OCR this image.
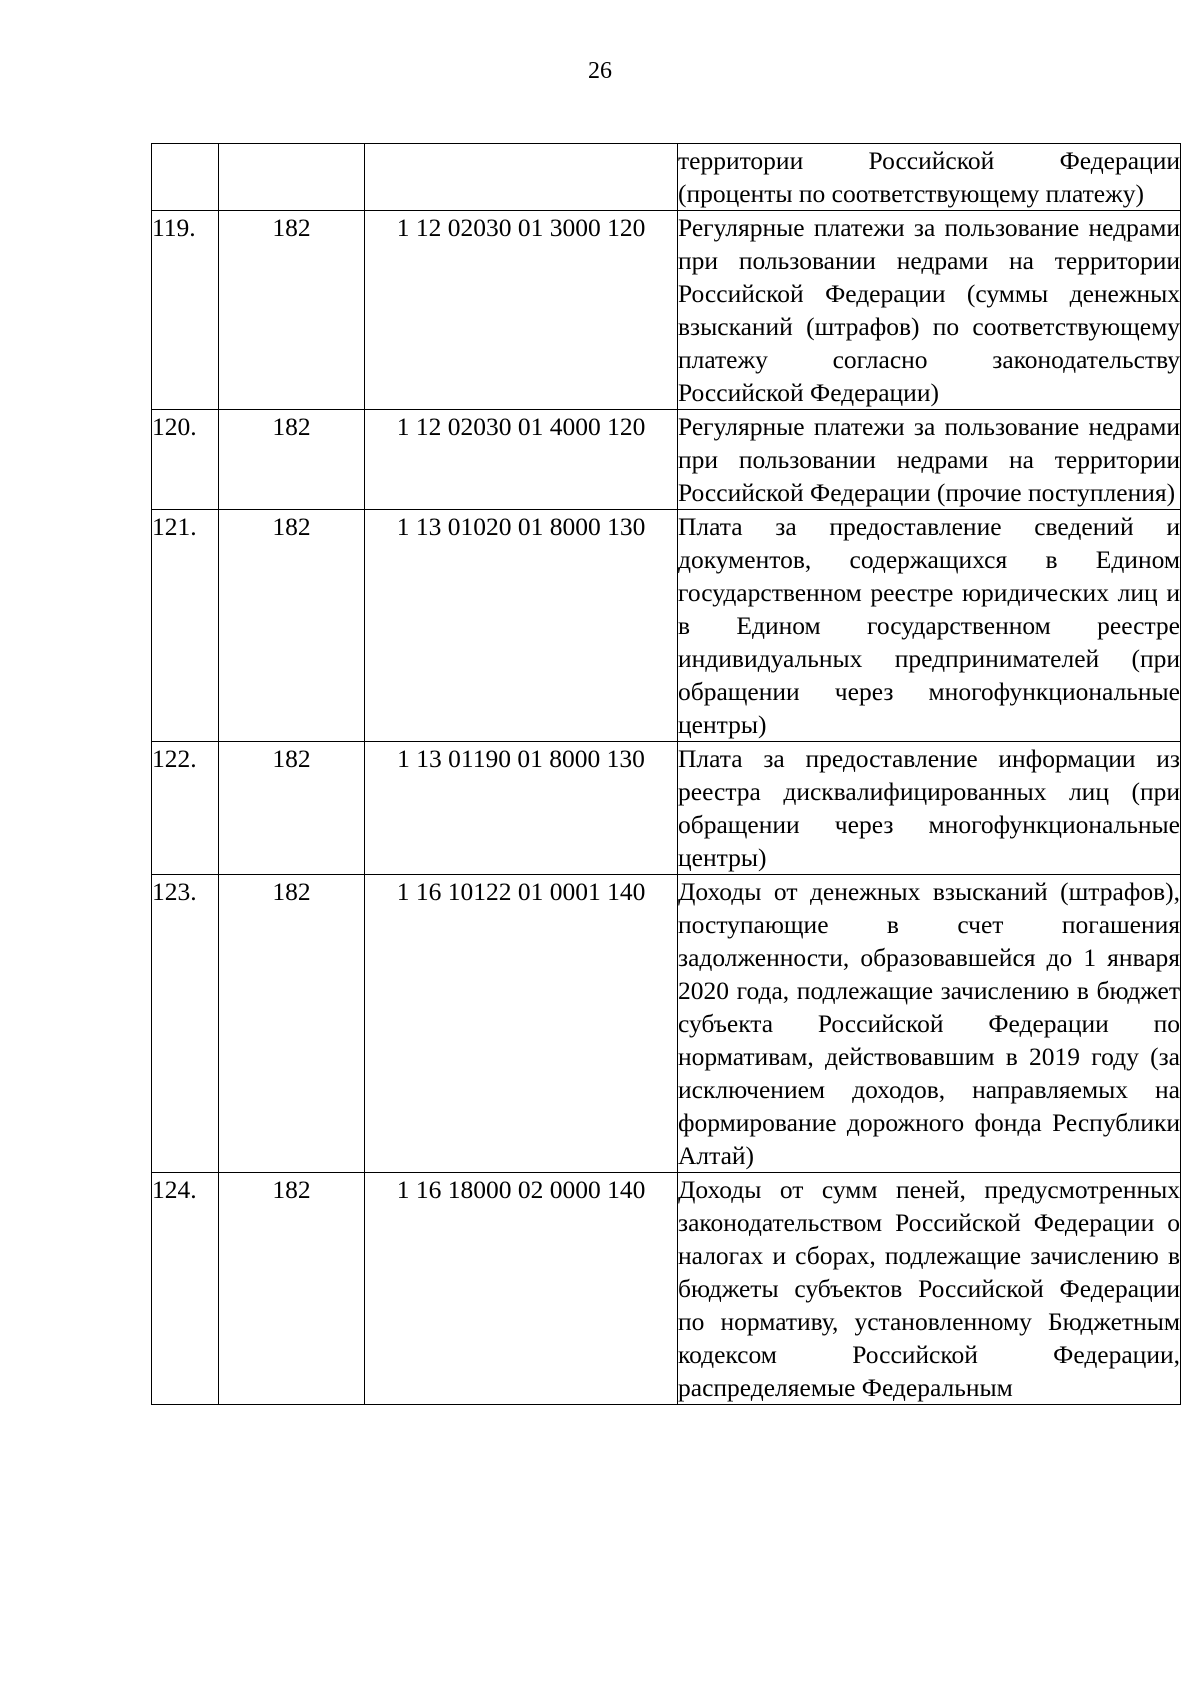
26

			территории Российской Федерации (проценты по соответствующему платежу)

119.	182	1 12 02030 01 3000 120	Регулярные платежи за пользование недрами при пользовании недрами на территории Российской Федерации (суммы денежных взысканий (штрафов) по соответствующему платежу согласно законодательству Российской Федерации)

120.	182	1 12 02030 01 4000 120	Регулярные платежи за пользование недрами при пользовании недрами на территории Российской Федерации (прочие поступления)

121.	182	1 13 01020 01 8000 130	Плата за предоставление сведений и документов, содержащихся в Едином государственном реестре юридических лиц и в Едином государственном реестре индивидуальных предпринимателей (при обращении через многофункциональные центры)

122.	182	1 13 01190 01 8000 130	Плата за предоставление информации из реестра дисквалифицированных лиц (при обращении через многофункциональные центры)

123.	182	1 16 10122 01 0001 140	Доходы от денежных взысканий (штрафов), поступающие в счет погашения задолженности, образовавшейся до 1 января 2020 года, подлежащие зачислению в бюджет субъекта Российской Федерации по нормативам, действовавшим в 2019 году (за исключением доходов, направляемых на формирование дорожного фонда Республики Алтай)

124.	182	1 16 18000 02 0000 140	Доходы от сумм пеней, предусмотренных законодательством Российской Федерации о налогах и сборах, подлежащие зачислению в бюджеты субъектов Российской Федерации по нормативу, установленному Бюджетным кодексом Российской Федерации, распределяемые Федеральным
